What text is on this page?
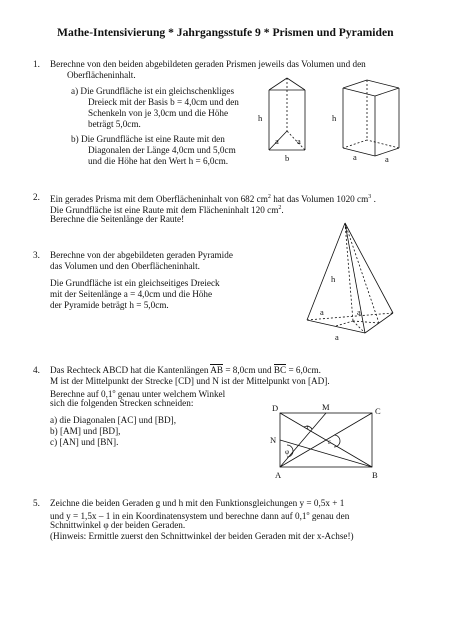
Mathe-Intensivierung * Jahrgangsstufe 9 * Prismen und Pyramiden
1. Berechne von den beiden abgebildeten geraden Prismen jeweils das Volumen und den
Oberflächeninhalt.
a) Die Grundfläche ist ein gleichschenkliges
Dreieck mit der Basis b = 4,0cm und den
Schenkeln von je 3,0cm und die Höhe
beträgt 5,0cm.
b) Die Grundfläche ist eine Raute mit den
Diagonalen der Länge 4,0cm und 5,0cm
und die Höhe hat den Wert h = 6,0cm.
h
a a
b
h
a	a
2. Ein gerades Prisma mit dem Oberflächeninhalt von 682 $cm^2$ hat das Volumen 1020 $cm^3$ .
Die Grundfläche ist eine Raute mit dem Flächeninhalt 120 $cm^2$.
Berechne die Seitenlänge der Raute!
3. Berechne von der abgebildeten geraden Pyramide
das Volumen und den Oberflächeninhalt.
Die Grundfläche ist ein gleichseitiges Dreieck
mit der Seitenlänge a = 4,0cm und die Höhe
der Pyramide beträgt h = 5,0cm.
h
a	a
a
4. Das Rechteck ABCD hat die Kantenlängen AB = 8,0cm und BC = 6,0cm.
M ist der Mittelpunkt der Strecke [CD] und N ist der Mittelpunkt von [AD].
Berechne auf 0,1$^o$ genau unter welchem Winkel
sich die folgenden Strecken schneiden:
a) die Diagonalen [AC] und [BD],
b) [AM] und [BD],
c) [AN] und [BN].
D	M	C
N
A	B
τ
ε
φ
5. Zeichne die beiden Geraden g und h mit den Funktionsgleichungen y = 0,5x + 1
und y = 1,5x – 1 in ein Koordinatensystem und berechne dann auf 0,1$^o$ genau den
Schnittwinkel φ der beiden Geraden.
(Hinweis: Ermittle zuerst den Schnittwinkel der beiden Geraden mit der x-Achse!)
